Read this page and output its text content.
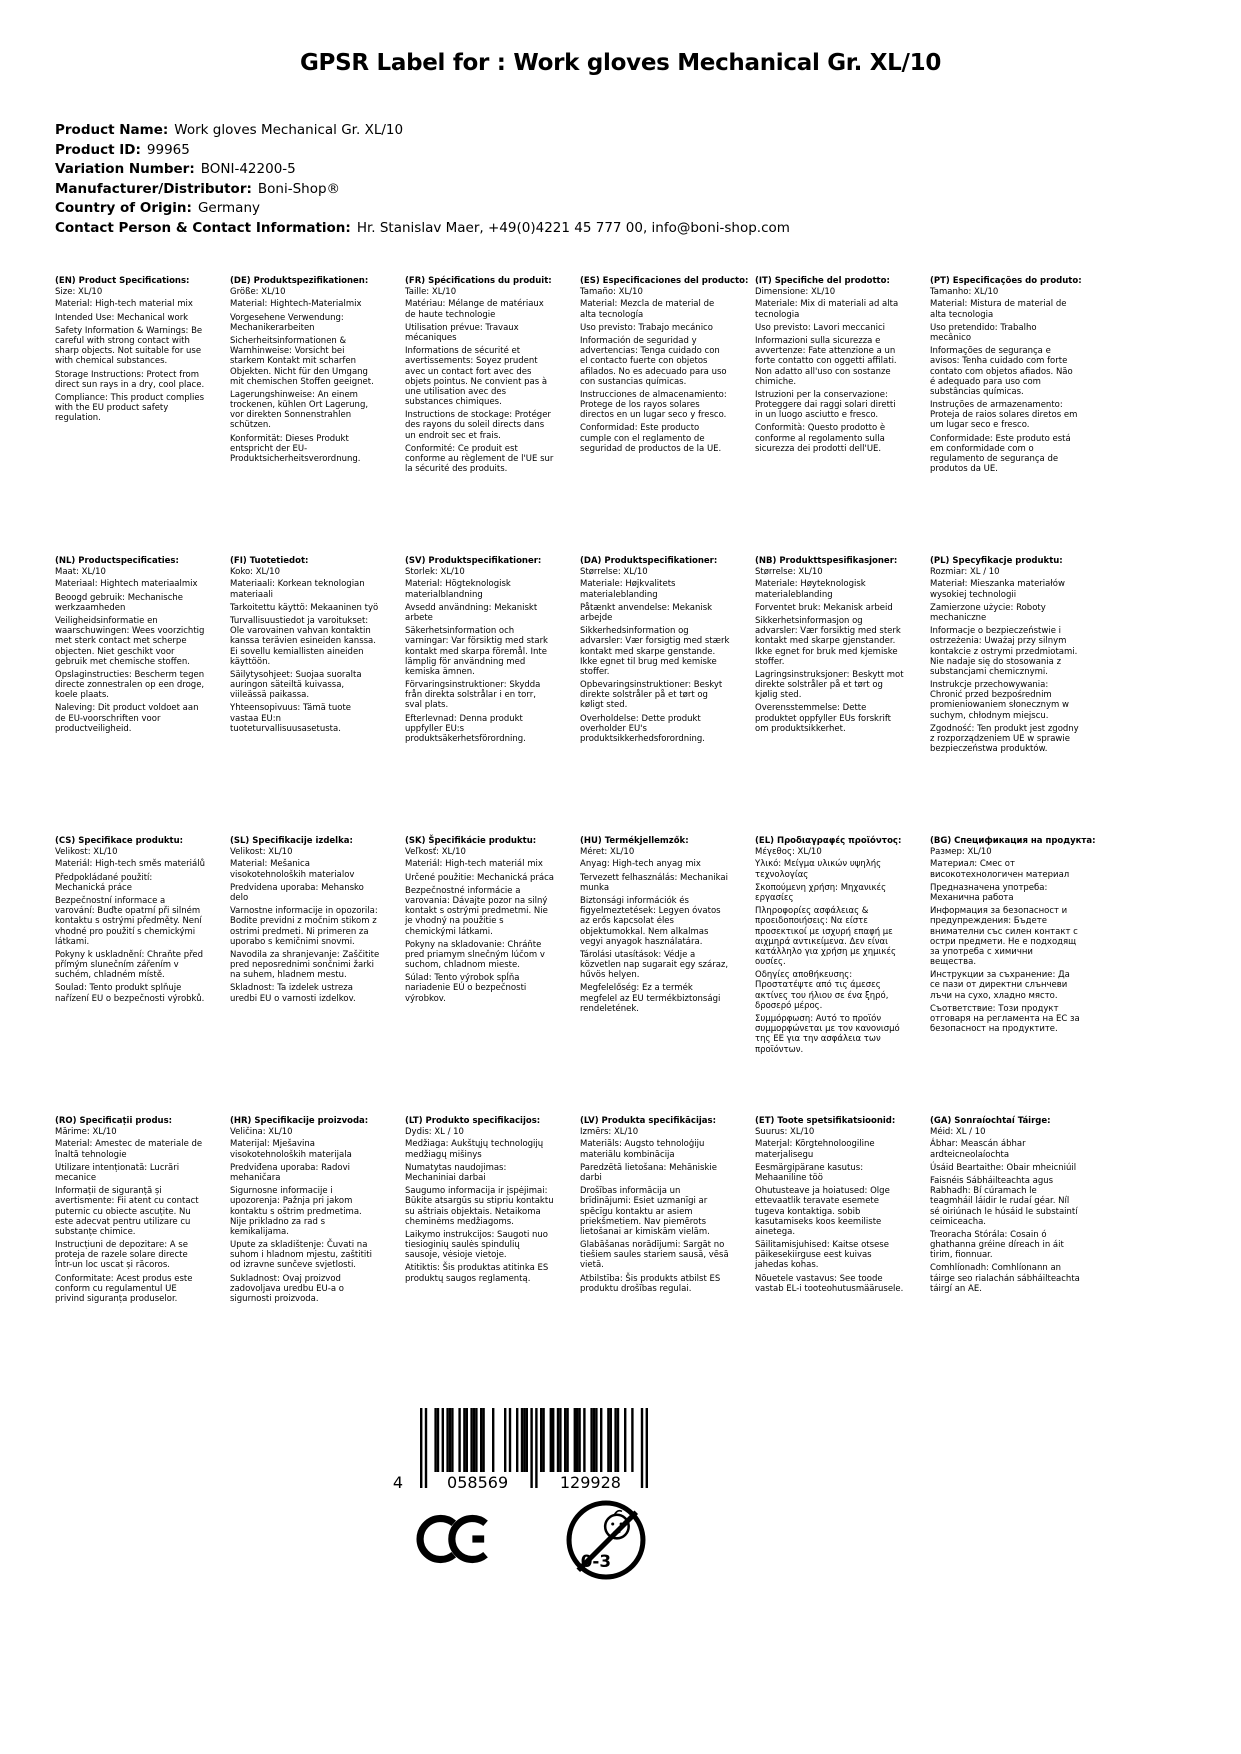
GPSR Label for : Work gloves Mechanical Gr. XL/10
Product Name: Work gloves Mechanical Gr. XL/10
Product ID: 99965
Variation Number: BONI-42200-5
Manufacturer/Distributor: Boni-Shop®
Country of Origin: Germany
Contact Person & Contact Information: Hr. Stanislav Maer, +49(0)4221 45 777 00, info@boni-shop.com
(EN) Product Specifications:

Size: XL/10

Material: High-tech material mix

Intended Use: Mechanical work

Safety Information & Warnings: Be careful with strong contact with sharp objects. Not suitable for use with chemical substances.

Storage Instructions: Protect from direct sun rays in a dry, cool place.

Compliance: This product complies with the EU product safety regulation.

(DE) Produktspezifikationen:

Größe: XL/10

Material: Hightech-Materialmix

Vorgesehene Verwendung: Mechanikerarbeiten

Sicherheitsinformationen & Warnhinweise: Vorsicht bei starkem Kontakt mit scharfen Objekten. Nicht für den Umgang mit chemischen Stoffen geeignet.

Lagerungshinweise: An einem trockenen, kühlen Ort Lagerung, vor direkten Sonnenstrahlen schützen.

Konformität: Dieses Produkt entspricht der EU-Produktsicherheitsverordnung.

(FR) Spécifications du produit:

Taille: XL/10

Matériau: Mélange de matériaux de haute technologie

Utilisation prévue: Travaux mécaniques

Informations de sécurité et avertissements: Soyez prudent avec un contact fort avec des objets pointus. Ne convient pas à une utilisation avec des substances chimiques.

Instructions de stockage: Protéger des rayons du soleil directs dans un endroit sec et frais.

Conformité: Ce produit est conforme au règlement de l'UE sur la sécurité des produits.

(ES) Especificaciones del producto:

Tamaño: XL/10

Material: Mezcla de material de alta tecnología

Uso previsto: Trabajo mecánico

Información de seguridad y advertencias: Tenga cuidado con el contacto fuerte con objetos afilados. No es adecuado para uso con sustancias químicas.

Instrucciones de almacenamiento: Protege de los rayos solares directos en un lugar seco y fresco.

Conformidad: Este producto cumple con el reglamento de seguridad de productos de la UE.

(IT) Specifiche del prodotto:

Dimensione: XL/10

Materiale: Mix di materiali ad alta tecnologia

Uso previsto: Lavori meccanici

Informazioni sulla sicurezza e avvertenze: Fate attenzione a un forte contatto con oggetti affilati. Non adatto all'uso con sostanze chimiche.

Istruzioni per la conservazione: Proteggere dai raggi solari diretti in un luogo asciutto e fresco.

Conformità: Questo prodotto è conforme al regolamento sulla sicurezza dei prodotti dell'UE.

(PT) Especificações do produto:

Tamanho: XL/10

Material: Mistura de material de alta tecnologia

Uso pretendido: Trabalho mecânico

Informações de segurança e avisos: Tenha cuidado com forte contato com objetos afiados. Não é adequado para uso com substâncias químicas.

Instruções de armazenamento: Proteja de raios solares diretos em um lugar seco e fresco.

Conformidade: Este produto está em conformidade com o regulamento de segurança de produtos da UE.

(NL) Productspecificaties:

Maat: XL/10

Materiaal: Hightech materiaalmix

Beoogd gebruik: Mechanische werkzaamheden

Veiligheidsinformatie en waarschuwingen: Wees voorzichtig met sterk contact met scherpe objecten. Niet geschikt voor gebruik met chemische stoffen.

Opslaginstructies: Bescherm tegen directe zonnestralen op een droge, koele plaats.

Naleving: Dit product voldoet aan de EU-voorschriften voor productveiligheid.

(FI) Tuotetiedot:

Koko: XL/10

Materiaali: Korkean teknologian materiaali

Tarkoitettu käyttö: Mekaaninen työ

Turvallisuustiedot ja varoitukset: Ole varovainen vahvan kontaktin kanssa terävien esineiden kanssa. Ei sovellu kemiallisten aineiden käyttöön.

Säilytysohjeet: Suojaa suoralta auringon säteiltä kuivassa, viileässä paikassa.

Yhteensopivuus: Tämä tuote vastaa EU:n tuoteturvallisuusasetusta.

(SV) Produktspecifikationer:

Storlek: XL/10

Material: Högteknologisk materialblandning

Avsedd användning: Mekaniskt arbete

Säkerhetsinformation och varningar: Var försiktig med stark kontakt med skarpa föremål. Inte lämplig för användning med kemiska ämnen.

Förvaringsinstruktioner: Skydda från direkta solstrålar i en torr, sval plats.

Efterlevnad: Denna produkt uppfyller EU:s produktsäkerhetsförordning.

(DA) Produktspecifikationer:

Størrelse: XL/10

Materiale: Højkvalitets materialeblanding

Påtænkt anvendelse: Mekanisk arbejde

Sikkerhedsinformation og advarsler: Vær forsigtig med stærk kontakt med skarpe genstande. Ikke egnet til brug med kemiske stoffer.

Opbevaringsinstruktioner: Beskyt direkte solstråler på et tørt og køligt sted.

Overholdelse: Dette produkt overholder EU's produktsikkerhedsforordning.

(NB) Produkttspesifikasjoner:

Størrelse: XL/10

Materiale: Høyteknologisk materialeblanding

Forventet bruk: Mekanisk arbeid

Sikkerhetsinformasjon og advarsler: Vær forsiktig med sterk kontakt med skarpe gjenstander. Ikke egnet for bruk med kjemiske stoffer.

Lagringsinstruksjoner: Beskytt mot direkte solstråler på et tørt og kjølig sted.

Overensstemmelse: Dette produktet oppfyller EUs forskrift om produktsikkerhet.

(PL) Specyfikacje produktu:

Rozmiar: XL / 10

Materiał: Mieszanka materiałów wysokiej technologii

Zamierzone użycie: Roboty mechaniczne

Informacje o bezpieczeństwie i ostrzeżenia: Uważaj przy silnym kontakcie z ostrymi przedmiotami. Nie nadaje się do stosowania z substancjami chemicznymi.

Instrukcje przechowywania: Chronić przed bezpośrednim promieniowaniem słonecznym w suchym, chłodnym miejscu.

Zgodność: Ten produkt jest zgodny z rozporządzeniem UE w sprawie bezpieczeństwa produktów.

(CS) Specifikace produktu:

Velikost: XL/10

Materiál: High-tech směs materiálů

Předpokládané použití: Mechanická práce

Bezpečnostní informace a varování: Buďte opatrní při silném kontaktu s ostrými předměty. Není vhodné pro použití s chemickými látkami.

Pokyny k uskladnění: Chraňte před přímým slunečním zářením v suchém, chladném místě.

Soulad: Tento produkt splňuje nařízení EU o bezpečnosti výrobků.

(SL) Specifikacije izdelka:

Velikost: XL/10

Material: Mešanica visokotehnoloških materialov

Predvidena uporaba: Mehansko delo

Varnostne informacije in opozorila: Bodite previdni z močnim stikom z ostrimi predmeti. Ni primeren za uporabo s kemičnimi snovmi.

Navodila za shranjevanje: Zaščitite pred neposrednimi sončnimi žarki na suhem, hladnem mestu.

Skladnost: Ta izdelek ustreza uredbi EU o varnosti izdelkov.

(SK) Špecifikácie produktu:

Veľkosť: XL/10

Materiál: High-tech materiál mix

Určené použitie: Mechanická práca

Bezpečnostné informácie a varovania: Dávajte pozor na silný kontakt s ostrými predmetmi. Nie je vhodný na použitie s chemickými látkami.

Pokyny na skladovanie: Chráňte pred priamym slnečným lúčom v suchom, chladnom mieste.

Súlad: Tento výrobok spĺňa nariadenie EÚ o bezpečnosti výrobkov.

(HU) Termékjellemzők:

Méret: XL/10

Anyag: High-tech anyag mix

Tervezett felhasználás: Mechanikai munka

Biztonsági információk és figyelmeztetések: Legyen óvatos az erős kapcsolat éles objektumokkal. Nem alkalmas vegyi anyagok használatára.

Tárolási utasítások: Védje a közvetlen nap sugarait egy száraz, hűvös helyen.

Megfelelőség: Ez a termék megfelel az EU termékbiztonsági rendeletének.

(EL) Προδιαγραφές προϊόντος:

Μέγεθος: XL/10

Υλικό: Μείγμα υλικών υψηλής τεχνολογίας

Σκοπούμενη χρήση: Μηχανικές εργασίες

Πληροφορίες ασφάλειας & προειδοποιήσεις: Να είστε προσεκτικοί με ισχυρή επαφή με αιχμηρά αντικείμενα. Δεν είναι κατάλληλο για χρήση με χημικές ουσίες.

Οδηγίες αποθήκευσης: Προστατέψτε από τις άμεσες ακτίνες του ήλιου σε ένα ξηρό, δροσερό μέρος.

Συμμόρφωση: Αυτό το προϊόν συμμορφώνεται με τον κανονισμό της ΕΕ για την ασφάλεια των προϊόντων.

(BG) Спецификация на продукта:

Размер: XL/10

Материал: Смес от високотехнологичен материал

Предназначена употреба: Механична работа

Информация за безопасност и предупреждения: Бъдете внимателни със силен контакт с остри предмети. Не е подходящ за употреба с химични вещества.

Инструкции за съхранение: Да се пази от директни слънчеви лъчи на сухо, хладно място.

Съответствие: Този продукт отговаря на регламента на ЕС за безопасност на продуктите.

(RO) Specificații produs:

Mărime: XL/10

Material: Amestec de materiale de înaltă tehnologie

Utilizare intenționată: Lucrări mecanice

Informații de siguranță și avertismente: Fii atent cu contact puternic cu obiecte ascuțite. Nu este adecvat pentru utilizare cu substanțe chimice.

Instrucțiuni de depozitare: A se proteja de razele solare directe într-un loc uscat și răcoros.

Conformitate: Acest produs este conform cu regulamentul UE privind siguranța produselor.

(HR) Specifikacije proizvoda:

Veličina: XL/10

Materijal: Mješavina visokotehnoloških materijala

Predviđena uporaba: Radovi mehaničara

Sigurnosne informacije i upozorenja: Pažnja pri jakom kontaktu s oštrim predmetima. Nije prikladno za rad s kemikalijama.

Upute za skladištenje: Čuvati na suhom i hladnom mjestu, zaštititi od izravne sunčeve svjetlosti.

Sukladnost: Ovaj proizvod zadovoljava uredbu EU-a o sigurnosti proizvoda.

(LT) Produkto specifikacijos:

Dydis: XL / 10

Medžiaga: Aukštųjų technologijų medžiagų mišinys

Numatytas naudojimas: Mechaniniai darbai

Saugumo informacija ir įspėjimai: Būkite atsargūs su stipriu kontaktu su aštriais objektais. Netaikoma cheminėms medžiagoms.

Laikymo instrukcijos: Saugoti nuo tiesioginių saulės spindulių sausoje, vėsioje vietoje.

Atitiktis: Šis produktas atitinka ES produktų saugos reglamentą.

(LV) Produkta specifikācijas:

Izmērs: XL/10

Materiāls: Augsto tehnoloģiju materiālu kombinācija

Paredzētā lietošana: Mehāniskie darbi

Drošības informācija un brīdinājumi: Esiet uzmanīgi ar spēcīgu kontaktu ar asiem priekšmetiem. Nav piemērots lietošanai ar kimiskām vielām.

Glabāšanas norādījumi: Sargāt no tiešiem saules stariem sausā, vēsā vietā.

Atbilstība: Šis produkts atbilst ES produktu drošības regulai.

(ET) Toote spetsifikatsioonid:

Suurus: XL/10

Materjal: Kõrgtehnoloogiline materjalisegu

Eesmärgipärane kasutus: Mehaaniline töö

Ohutusteave ja hoiatused: Olge ettevaatlik teravate esemete tugeva kontaktiga. sobib kasutamiseks koos keemiliste ainetega.

Säilitamisjuhised: Kaitse otsese päikesekiirguse eest kuivas jahedas kohas.

Nõuetele vastavus: See toode vastab EL-i tooteohutusmäärusele.

(GA) Sonraíochtaí Táirge:

Méid: XL / 10

Ábhar: Meascán ábhar ardteicneolaíochta

Úsáid Beartaithe: Obair mheicniúil

Faisnéis Sábháilteachta agus Rabhadh: Bí cúramach le teagmháil láidir le rudaí géar. Níl sé oiriúnach le húsáid le substaintí ceimiceacha.

Treoracha Stórála: Cosain ó ghathanna gréine díreach in áit tirim, fionnuar.

Comhlíonadh: Comhlíonann an táirge seo rialachán sábháilteachta táirgí an AE.

4	058569	129928
0-3
